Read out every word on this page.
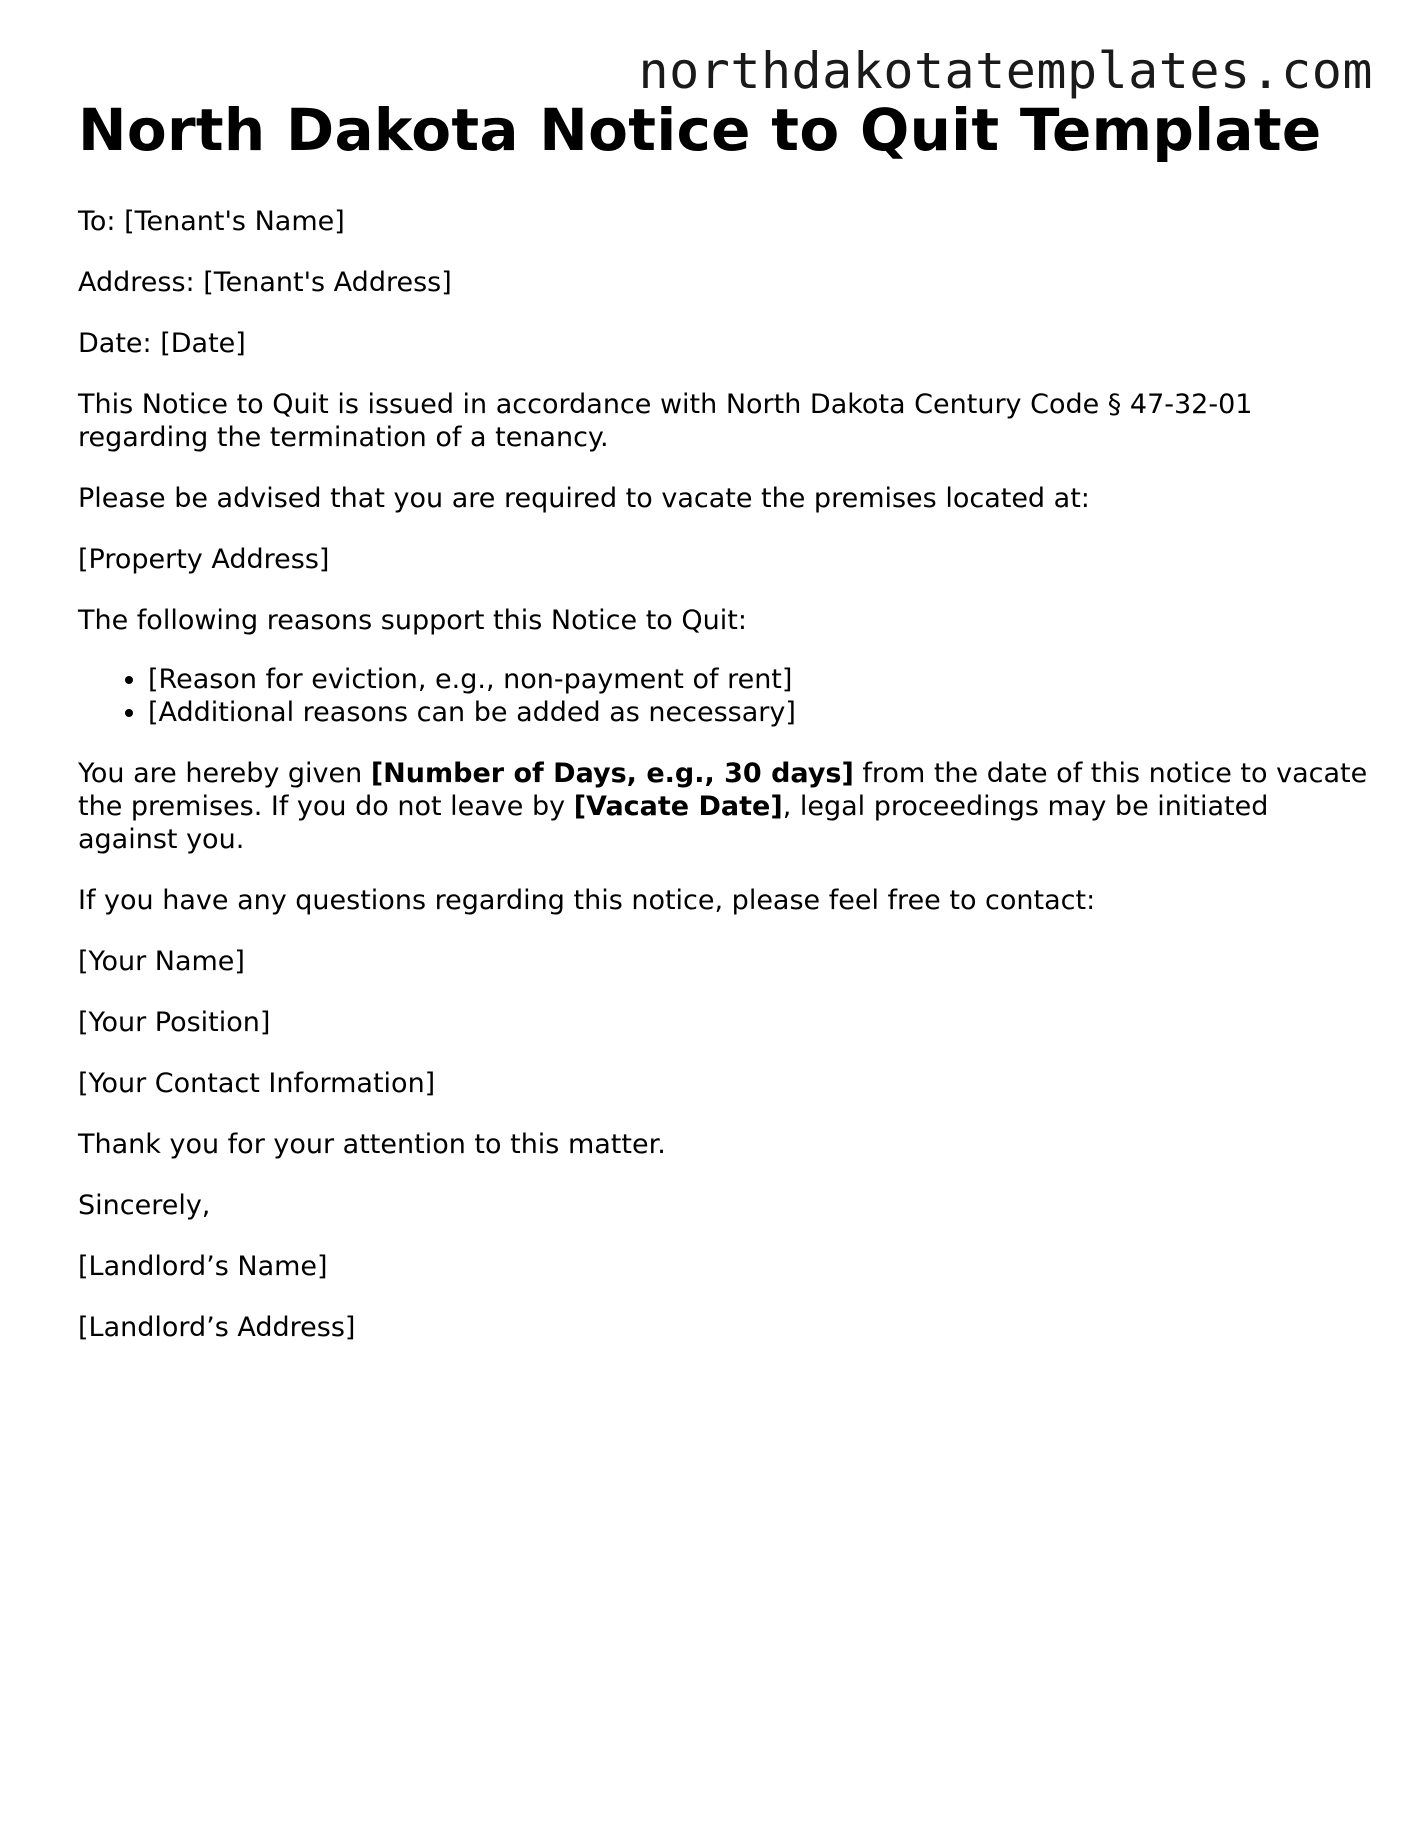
northdakotatemplates.com
North Dakota Notice to Quit Template

To: [Tenant's Name]

Address: [Tenant's Address]

Date: [Date]

This Notice to Quit is issued in accordance with North Dakota Century Code § 47-32-01 regarding the termination of a tenancy.

Please be advised that you are required to vacate the premises located at:

[Property Address]

The following reasons support this Notice to Quit:

• [Reason for eviction, e.g., non-payment of rent]
• [Additional reasons can be added as necessary]

You are hereby given [Number of Days, e.g., 30 days] from the date of this notice to vacate the premises. If you do not leave by [Vacate Date], legal proceedings may be initiated against you.

If you have any questions regarding this notice, please feel free to contact:

[Your Name]

[Your Position]

[Your Contact Information]

Thank you for your attention to this matter.

Sincerely,

[Landlord’s Name]

[Landlord’s Address]
